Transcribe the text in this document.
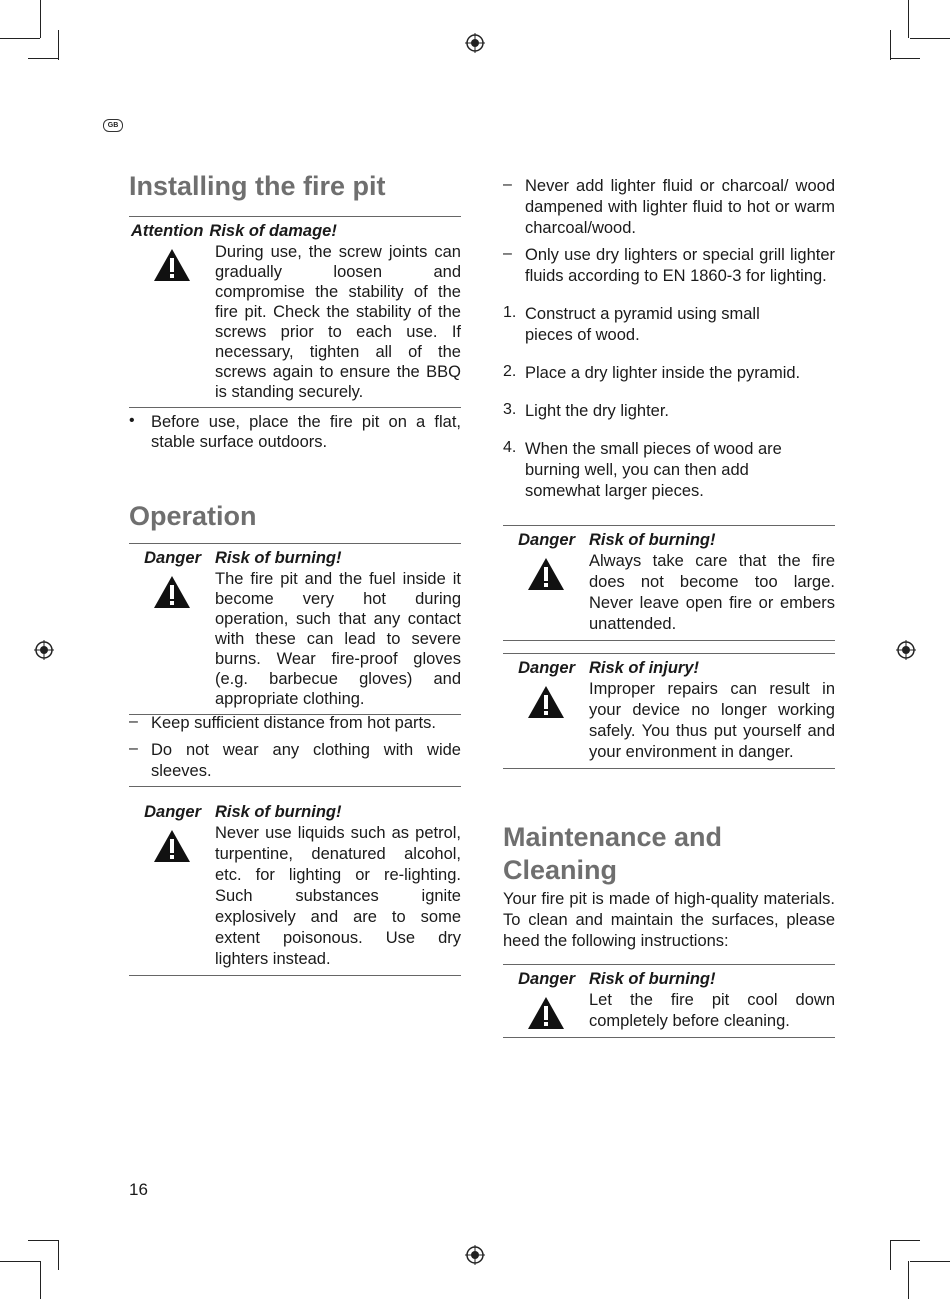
GB
Installing the fire pit
Attention Risk of damage!

During use, the screw joints can gradually loosen and compromise the stability of the fire pit. Check the stability of the screws prior to each use. If necessary, tighten all of the screws again to ensure the BBQ is standing securely.

• Before use, place the fire pit on a flat, stable surface outdoors.

Operation
Danger Risk of burning!

The fire pit and the fuel inside it become very hot during operation, such that any contact with these can lead to severe burns. Wear fire-proof gloves (e.g. barbecue gloves) and appropriate clothing.

– Keep sufficient distance from hot parts.

– Do not wear any clothing with wide sleeves.

Danger Risk of burning!

Never use liquids such as petrol, turpentine, denatured alcohol, etc. for lighting or re-lighting. Such substances ignite explosively and are to some extent poisonous. Use dry lighters instead.

– Never add lighter fluid or charcoal/ wood dampened with lighter fluid to hot or warm charcoal/wood.

– Only use dry lighters or special grill lighter fluids according to EN 1860-3 for lighting.

1. Construct a pyramid using small pieces of wood.

2. Place a dry lighter inside the pyramid.

3. Light the dry lighter.

4. When the small pieces of wood are burning well, you can then add somewhat larger pieces.

Danger Risk of burning!

Always take care that the fire does not become too large. Never leave open fire or embers unattended.

Danger Risk of injury!

Improper repairs can result in your device no longer working safely. You thus put yourself and your environment in danger.

Maintenance and
Cleaning

Your fire pit is made of high-quality materials. To clean and maintain the surfaces, please heed the following instructions:

Danger Risk of burning!

Let the fire pit cool down completely before cleaning.

16
